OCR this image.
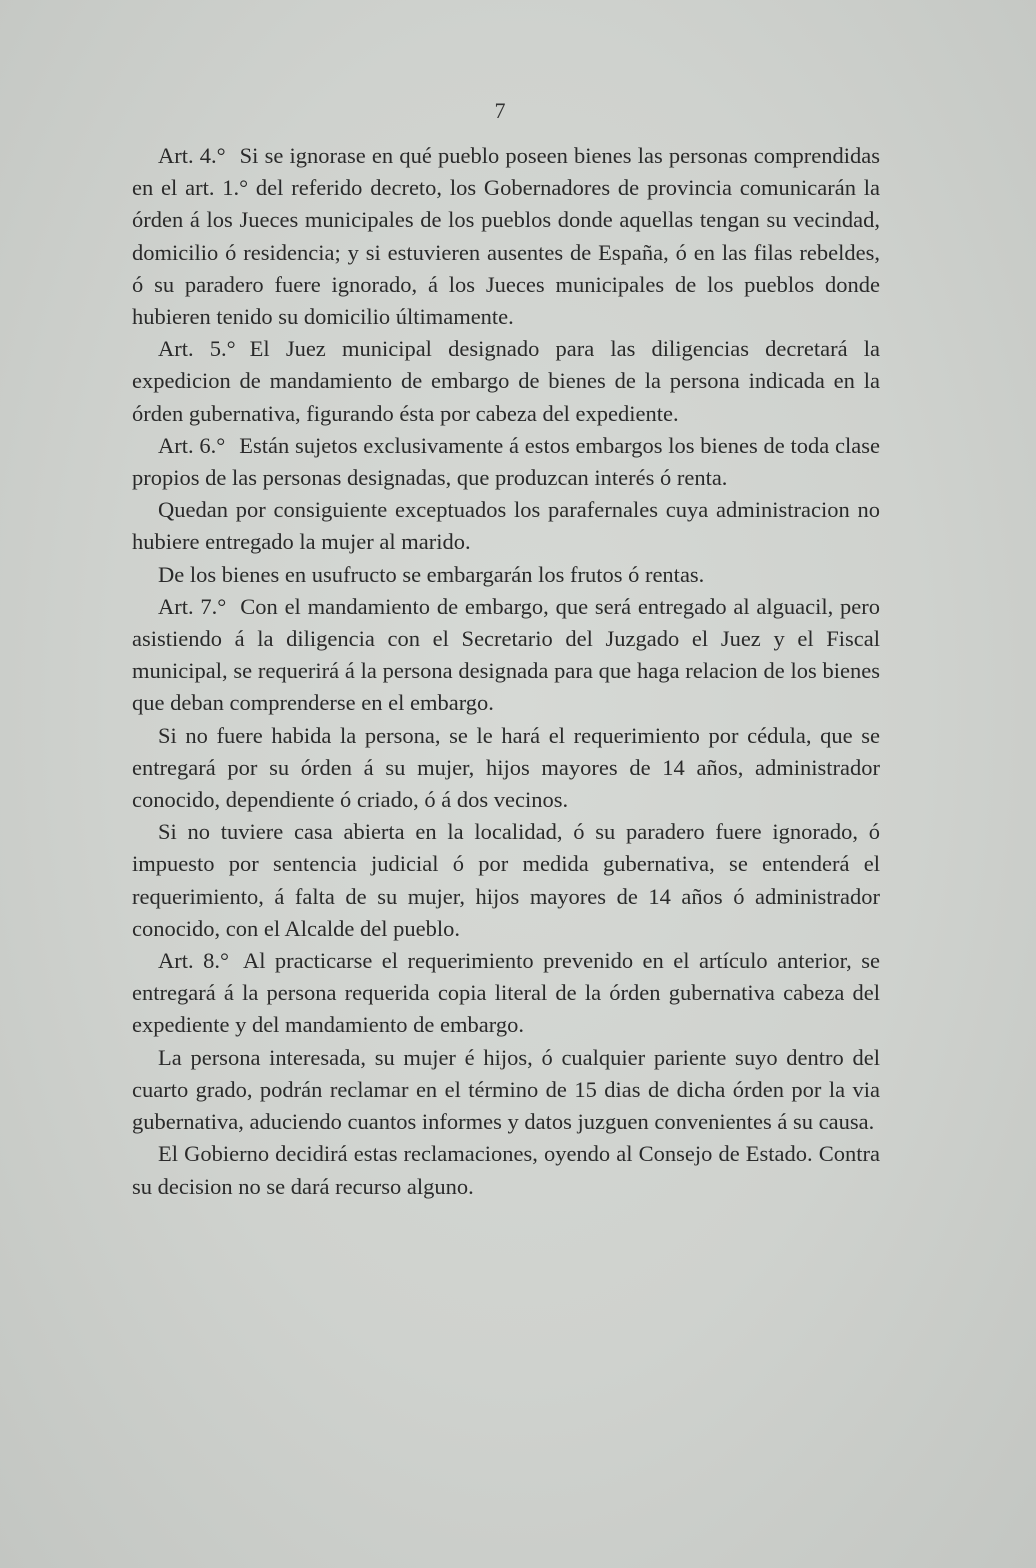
7

Art. 4.° Si se ignorase en qué pueblo poseen bienes las personas comprendidas en el art. 1.° del referido decreto, los Gobernadores de provincia comunicarán la órden á los Jueces municipales de los pueblos donde aquellas tengan su vecindad, domicilio ó residencia; y si estuvieren ausentes de España, ó en las filas rebeldes, ó su paradero fuere ignorado, á los Jueces municipales de los pueblos donde hubieren tenido su domicilio últimamente.

Art. 5.° El Juez municipal designado para las diligencias decretará la expedicion de mandamiento de embargo de bienes de la persona indicada en la órden gubernativa, figurando ésta por cabeza del expediente.

Art. 6.° Están sujetos exclusivamente á estos embargos los bienes de toda clase propios de las personas designadas, que produzcan interés ó renta.

Quedan por consiguiente exceptuados los parafernales cuya administracion no hubiere entregado la mujer al marido.

De los bienes en usufructo se embargarán los frutos ó rentas.

Art. 7.° Con el mandamiento de embargo, que será entregado al alguacil, pero asistiendo á la diligencia con el Secretario del Juzgado el Juez y el Fiscal municipal, se requerirá á la persona designada para que haga relacion de los bienes que deban comprenderse en el embargo.

Si no fuere habida la persona, se le hará el requerimiento por cédula, que se entregará por su órden á su mujer, hijos mayores de 14 años, administrador conocido, dependiente ó criado, ó á dos vecinos.

Si no tuviere casa abierta en la localidad, ó su paradero fuere ignorado, ó impuesto por sentencia judicial ó por medida gubernativa, se entenderá el requerimiento, á falta de su mujer, hijos mayores de 14 años ó administrador conocido, con el Alcalde del pueblo.

Art. 8.° Al practicarse el requerimiento prevenido en el artículo anterior, se entregará á la persona requerida copia literal de la órden gubernativa cabeza del expediente y del mandamiento de embargo.

La persona interesada, su mujer é hijos, ó cualquier pariente suyo dentro del cuarto grado, podrán reclamar en el término de 15 dias de dicha órden por la via gubernativa, aduciendo cuantos informes y datos juzguen convenientes á su causa.

El Gobierno decidirá estas reclamaciones, oyendo al Consejo de Estado. Contra su decision no se dará recurso alguno.
